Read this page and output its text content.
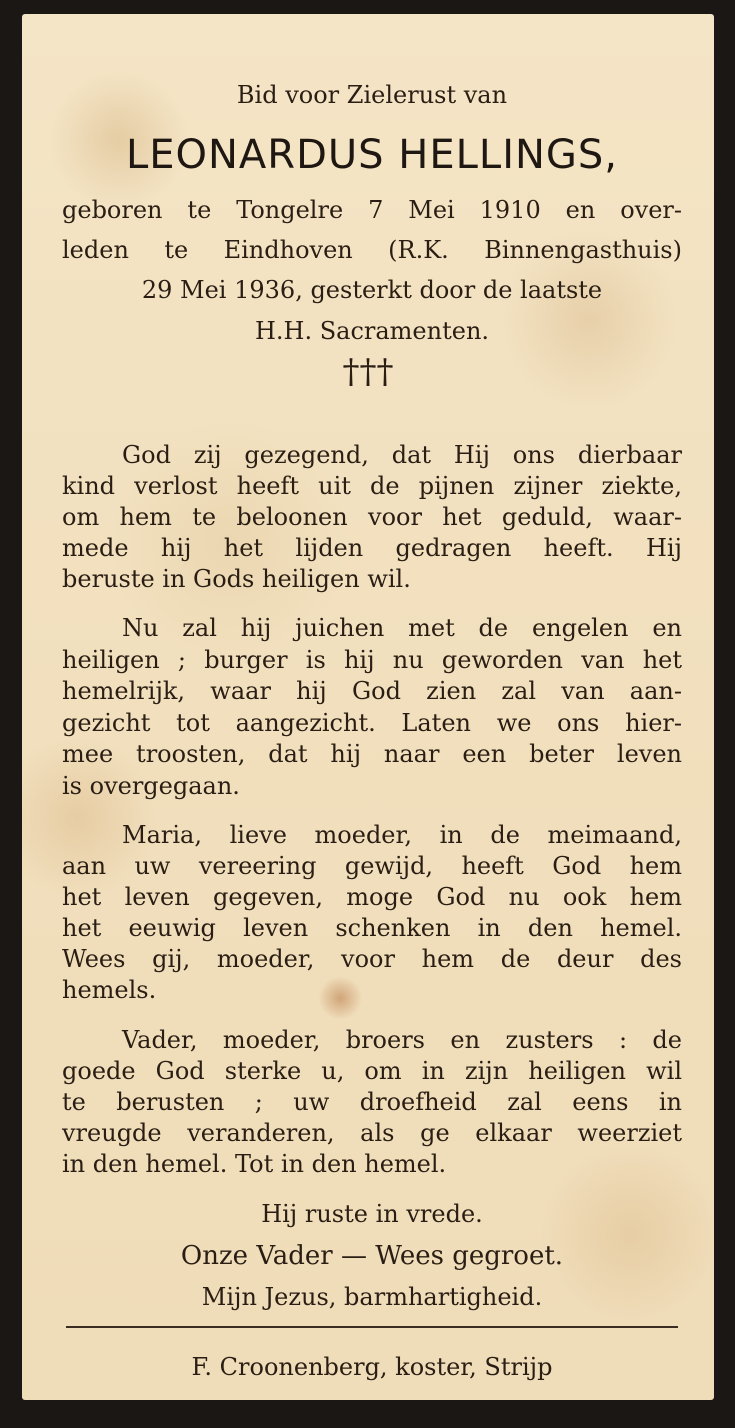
Bid voor Zielerust van
LEONARDUS HELLINGS,
geboren te Tongelre 7 Mei 1910 en over-
leden te Eindhoven (R.K. Binnengasthuis)
29 Mei 1936, gesterkt door de laatste
H.H. Sacramenten.
†††
God zij gezegend, dat Hij ons dierbaar
kind verlost heeft uit de pijnen zijner ziekte,
om hem te beloonen voor het geduld, waar-
mede hij het lijden gedragen heeft. Hij
beruste in Gods heiligen wil.
Nu zal hij juichen met de engelen en
heiligen ; burger is hij nu geworden van het
hemelrijk, waar hij God zien zal van aan-
gezicht tot aangezicht. Laten we ons hier-
mee troosten, dat hij naar een beter leven
is overgegaan.
Maria, lieve moeder, in de meimaand,
aan uw vereering gewijd, heeft God hem
het leven gegeven, moge God nu ook hem
het eeuwig leven schenken in den hemel.
Wees gij, moeder, voor hem de deur des
hemels.
Vader, moeder, broers en zusters : de
goede God sterke u, om in zijn heiligen wil
te berusten ; uw droefheid zal eens in
vreugde veranderen, als ge elkaar weerziet
in den hemel. Tot in den hemel.
Hij ruste in vrede.
Onze Vader — Wees gegroet.
Mijn Jezus, barmhartigheid.
F. Croonenberg, koster, Strijp
